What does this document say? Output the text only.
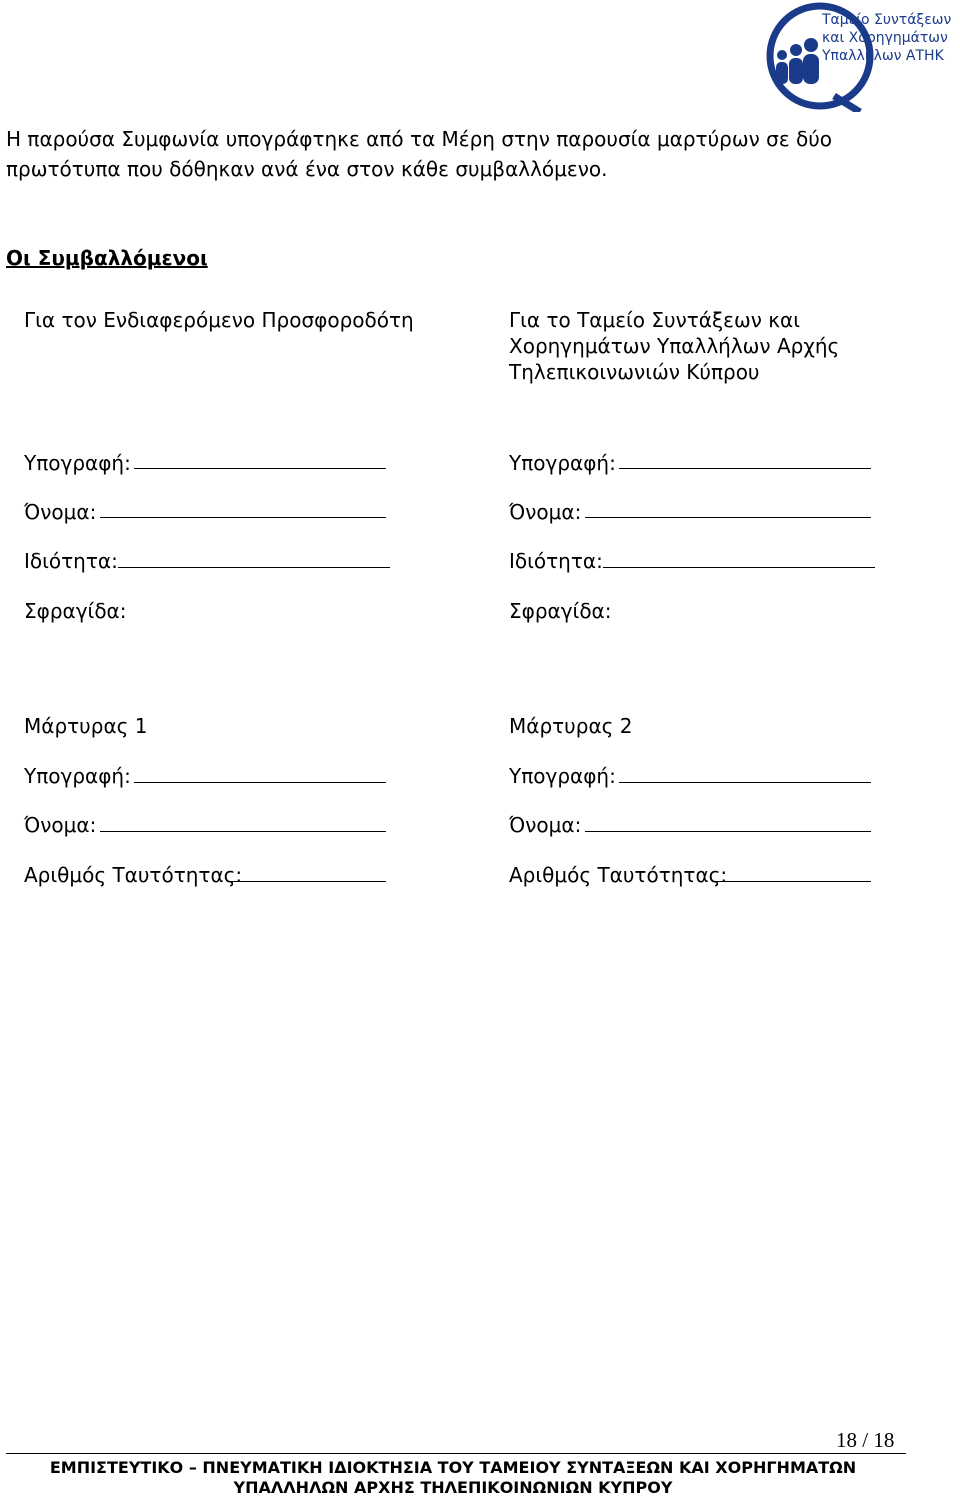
Ταμείο Συντάξεων
και Χορηγημάτων
Υπαλλήλων ΑΤΗΚ
Η παρούσα Συμφωνία υπογράφτηκε από τα Μέρη στην παρουσία μαρτύρων σε δύο πρωτότυπα που δόθηκαν ανά ένα στον κάθε συμβαλλόμενο.
Οι Συμβαλλόμενοι
Για τον Ενδιαφερόμενο Προσφοροδότη
Υπογραφή:
Όνομα:
Ιδιότητα:
Σφραγίδα:
Για το Ταμείο Συντάξεων και
Χορηγημάτων Υπαλλήλων Αρχής
Τηλεπικοινωνιών Κύπρου
Υπογραφή:
Όνομα:
Ιδιότητα:
Σφραγίδα:
Μάρτυρας 1
Υπογραφή:
Όνομα:
Αριθμός Ταυτότητας:
Μάρτυρας 2
Υπογραφή:
Όνομα:
Αριθμός Ταυτότητας:
18 / 18
ΕΜΠΙΣΤΕΥΤΙΚΟ – ΠΝΕΥΜΑΤΙΚΗ ΙΔΙΟΚΤΗΣΙΑ ΤΟΥ ΤΑΜΕΙΟΥ ΣΥΝΤΑΞΕΩΝ ΚΑΙ ΧΟΡΗΓΗΜΑΤΩΝ
ΥΠΑΛΛΗΛΩΝ ΑΡΧΗΣ ΤΗΛΕΠΙΚΟΙΝΩΝΙΩΝ ΚΥΠΡΟΥ
